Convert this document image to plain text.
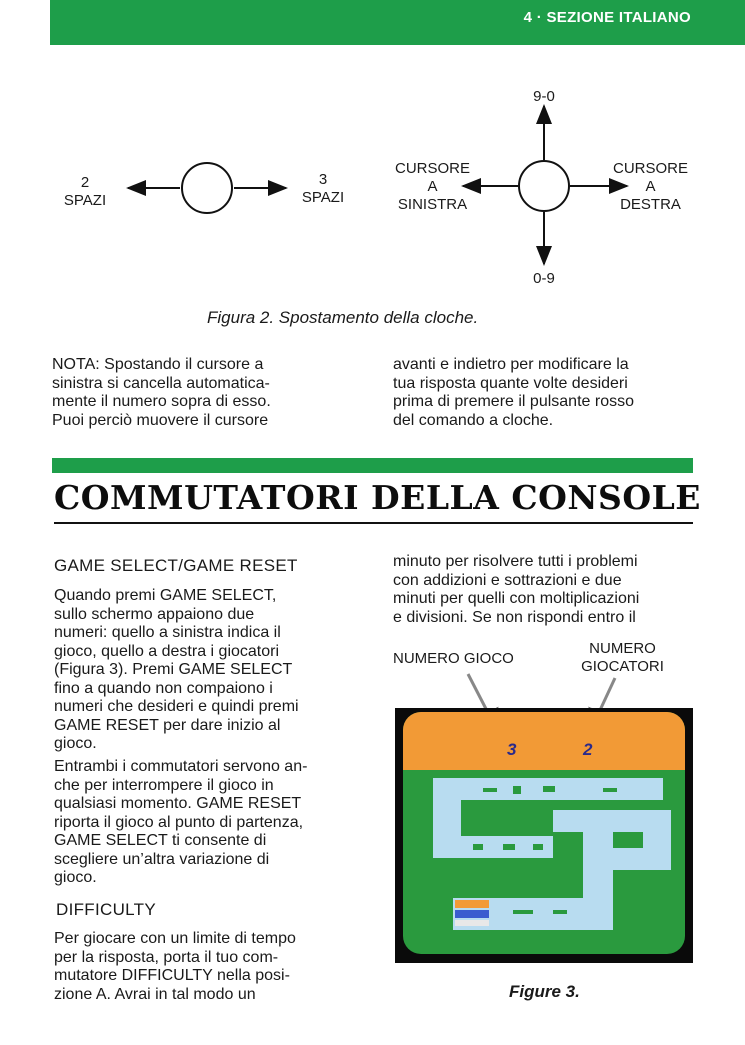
4 · SEZIONE ITALIANO
2
SPAZI
3
SPAZI
9-0
0-9
CURSORE
A
SINISTRA
CURSORE
A
DESTRA
Figura 2. Spostamento della cloche.
NOTA: Spostando il cursore a
sinistra si cancella automatica-
mente il numero sopra di esso.
Puoi perciò muovere il cursore
avanti e indietro per modificare la
tua risposta quante volte desideri
prima di premere il pulsante rosso
del comando a cloche.
COMMUTATORI DELLA CONSOLE
GAME SELECT/GAME RESET
Quando premi GAME SELECT,
sullo schermo appaiono due
numeri: quello a sinistra indica il
gioco, quello a destra i giocatori
(Figura 3). Premi GAME SELECT
fino a quando non compaiono i
numeri che desideri e quindi premi
GAME RESET per dare inizio al
gioco.
Entrambi i commutatori servono an-
che per interrompere il gioco in
qualsiasi momento. GAME RESET
riporta il gioco al punto di partenza,
GAME SELECT ti consente di
scegliere un’altra variazione di
gioco.
DIFFICULTY
Per giocare con un limite di tempo
per la risposta, porta il tuo com-
mutatore DIFFICULTY nella posi-
zione A. Avrai in tal modo un
minuto per risolvere tutti i problemi
con addizioni e sottrazioni e due
minuti per quelli con moltiplicazioni
e divisioni. Se non rispondi entro il
NUMERO GIOCO
NUMERO
GIOCATORI
3	2
Figure 3.
